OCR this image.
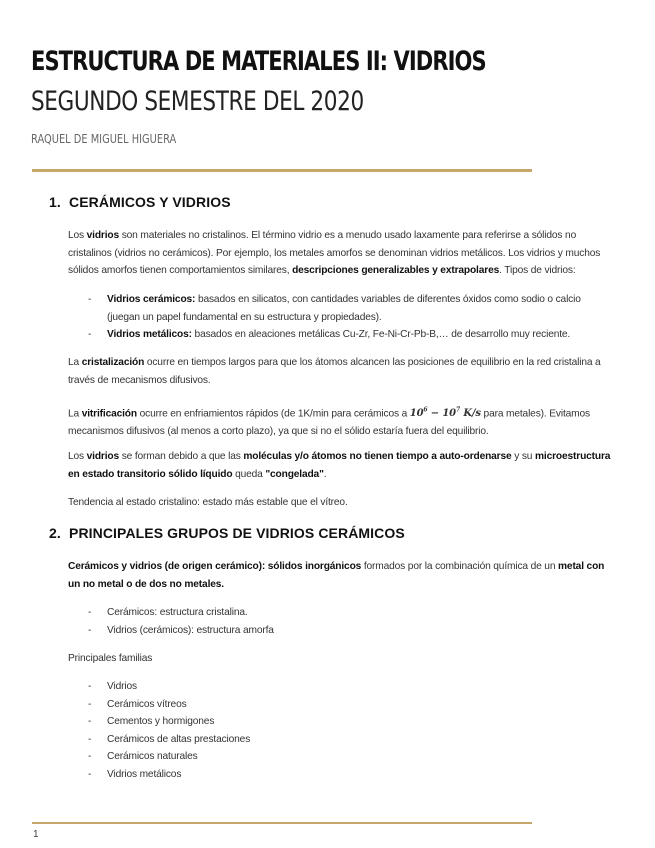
ESTRUCTURA DE MATERIALES II: VIDRIOS
SEGUNDO SEMESTRE DEL 2020
RAQUEL DE MIGUEL HIGUERA
1. CERÁMICOS Y VIDRIOS
Los vidrios son materiales no cristalinos. El término vidrio es a menudo usado laxamente para referirse a sólidos no cristalinos (vidrios no cerámicos). Por ejemplo, los metales amorfos se denominan vidrios metálicos. Los vidrios y muchos sólidos amorfos tienen comportamientos similares, descripciones generalizables y extrapolares. Tipos de vidrios:
- Vidrios cerámicos: basados en silicatos, con cantidades variables de diferentes óxidos como sodio o calcio (juegan un papel fundamental en su estructura y propiedades).
- Vidrios metálicos: basados en aleaciones metálicas Cu-Zr, Fe-Ni-Cr-Pb-B,… de desarrollo muy reciente.
La cristalización ocurre en tiempos largos para que los átomos alcancen las posiciones de equilibrio en la red cristalina a través de mecanismos difusivos.
La vitrificación ocurre en enfriamientos rápidos (de 1K/min para cerámicos a $10^6 - 10^7$ K/s para metales). Evitamos mecanismos difusivos (al menos a corto plazo), ya que si no el sólido estaría fuera del equilibrio.
Los vidrios se forman debido a que las moléculas y/o átomos no tienen tiempo a auto-ordenarse y su microestructura en estado transitorio sólido líquido queda "congelada".
Tendencia al estado cristalino: estado más estable que el vítreo.
2. PRINCIPALES GRUPOS DE VIDRIOS CERÁMICOS
Cerámicos y vidrios (de origen cerámico): sólidos inorgánicos formados por la combinación química de un metal con un no metal o de dos no metales.
- Cerámicos: estructura cristalina.
- Vidrios (cerámicos): estructura amorfa
Principales familias
- Vidrios
- Cerámicos vítreos
- Cementos y hormigones
- Cerámicos de altas prestaciones
- Cerámicos naturales
- Vidrios metálicos
1
